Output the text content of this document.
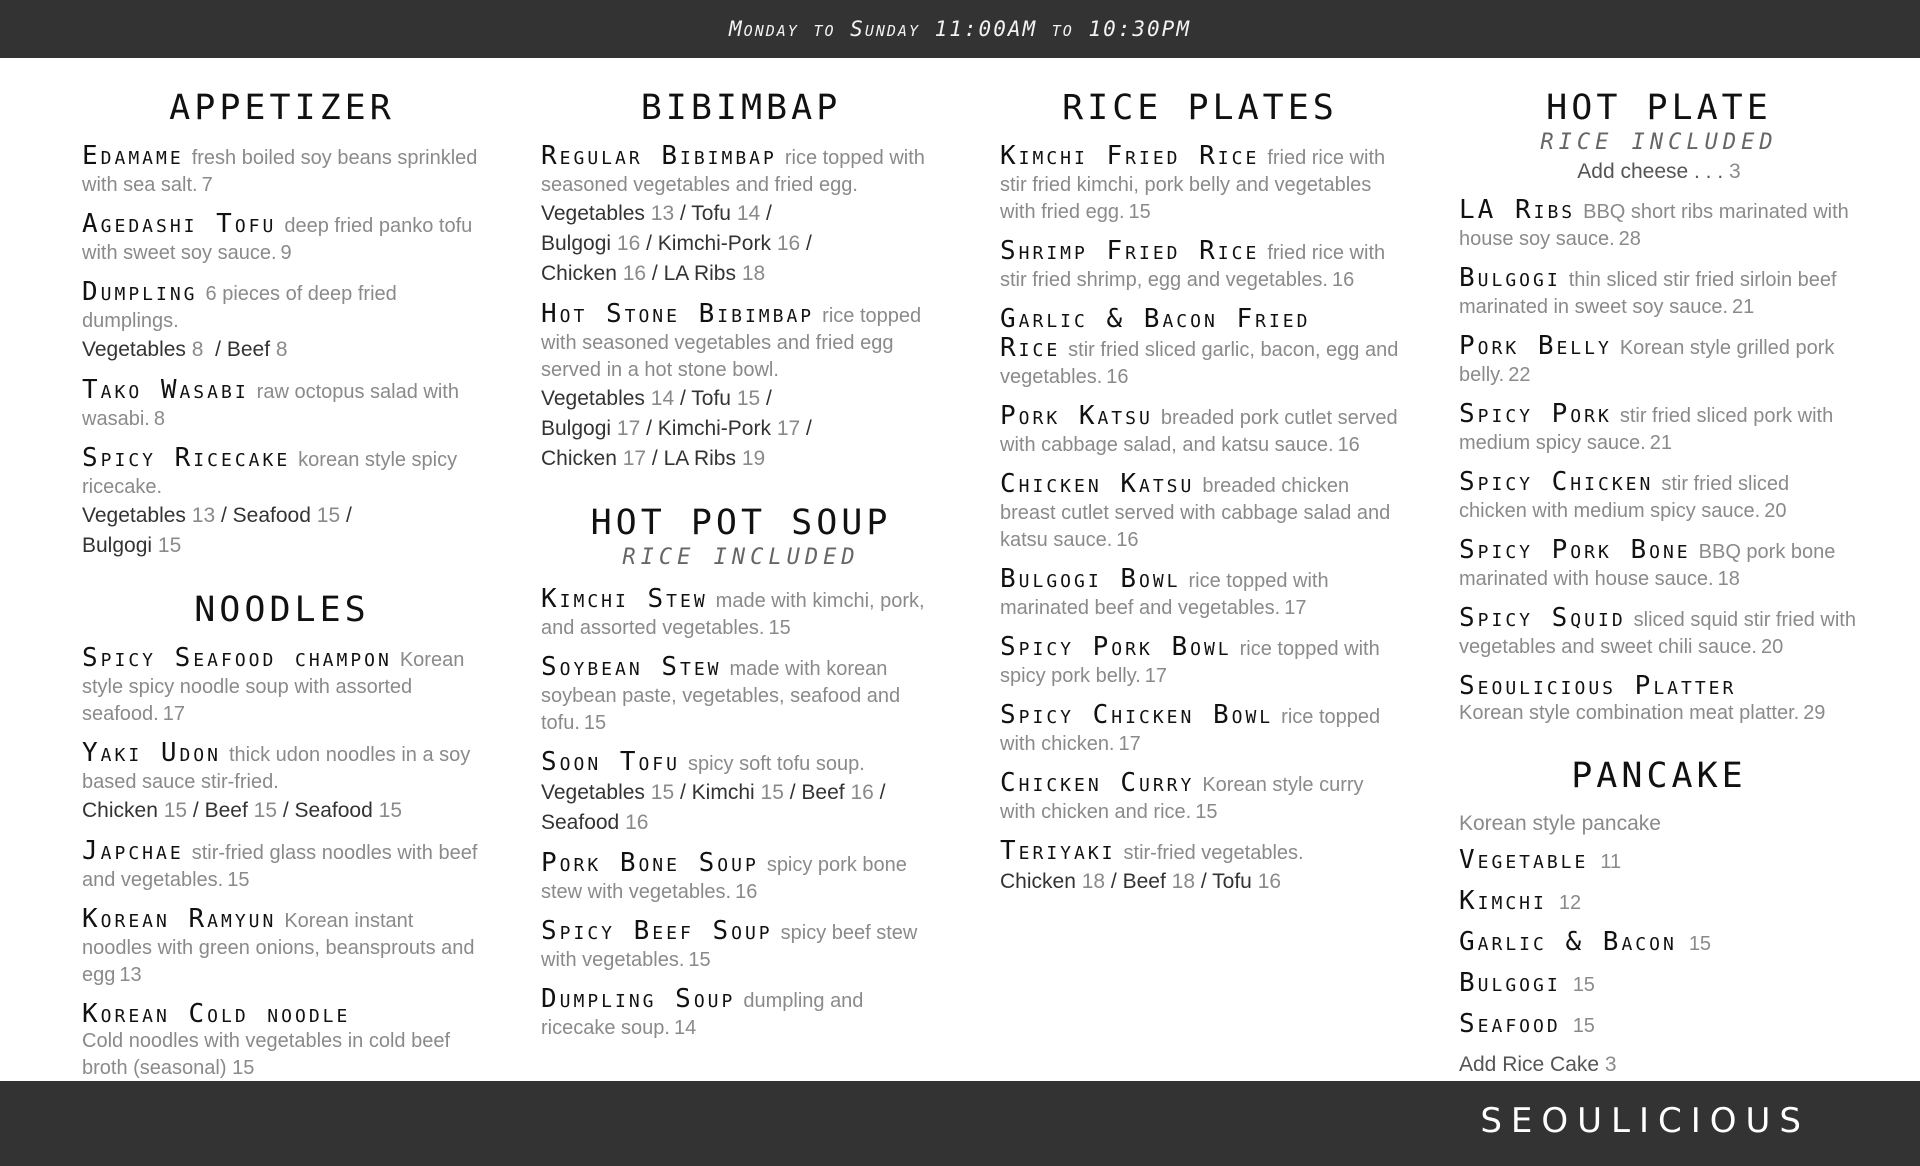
Monday to Sunday 11:00AM to 10:30PM
APPETIZER
Edamame fresh boiled soy beans sprinkled with sea salt. 7
Agedashi Tofu deep fried panko tofu with sweet soy sauce. 9
Dumpling 6 pieces of deep fried dumplings.
Vegetables 8 / Beef 8
Tako Wasabi raw octopus salad with wasabi. 8
Spicy Ricecake korean style spicy ricecake.
Vegetables 13 / Seafood 15 /
Bulgogi 15
NOODLES
Spicy Seafood champon Korean style spicy noodle soup with assorted seafood. 17
Yaki Udon thick udon noodles in a soy based sauce stir-fried.
Chicken 15 / Beef 15 / Seafood 15
Japchae stir-fried glass noodles with beef and vegetables. 15
Korean Ramyun Korean instant noodles with green onions, beansprouts and egg 13
Korean Cold noodle
Cold noodles with vegetables in cold beef broth (seasonal) 15
BIBIMBAP
Regular Bibimbap rice topped with seasoned vegetables and fried egg.
Vegetables 13 / Tofu 14 /
Bulgogi 16 / Kimchi-Pork 16 /
Chicken 16 / LA Ribs 18
Hot Stone Bibimbap rice topped with seasoned vegetables and fried egg served in a hot stone bowl.
Vegetables 14 / Tofu 15 /
Bulgogi 17 / Kimchi-Pork 17 /
Chicken 17 / LA Ribs 19
HOT POT SOUP
RICE INCLUDED
Kimchi Stew made with kimchi, pork, and assorted vegetables. 15
Soybean Stew made with korean soybean paste, vegetables, seafood and tofu. 15
Soon Tofu spicy soft tofu soup.
Vegetables 15 / Kimchi 15 / Beef 16 /
Seafood 16
Pork Bone Soup spicy pork bone stew with vegetables. 16
Spicy Beef Soup spicy beef stew with vegetables. 15
Dumpling Soup dumpling and ricecake soup. 14
RICE PLATES
Kimchi Fried Rice fried rice with stir fried kimchi, pork belly and vegetables with fried egg. 15
Shrimp Fried Rice fried rice with stir fried shrimp, egg and vegetables. 16
Garlic & Bacon Fried Rice stir fried sliced garlic, bacon, egg and vegetables. 16
Pork Katsu breaded pork cutlet served with cabbage salad, and katsu sauce. 16
Chicken Katsu breaded chicken breast cutlet served with cabbage salad and katsu sauce. 16
Bulgogi Bowl rice topped with marinated beef and vegetables. 17
Spicy Pork Bowl rice topped with spicy pork belly. 17
Spicy Chicken Bowl rice topped with chicken. 17
Chicken Curry Korean style curry with chicken and rice. 15
Teriyaki stir-fried vegetables.
Chicken 18 / Beef 18 / Tofu 16
HOT PLATE
RICE INCLUDED
Add cheese . . . 3
LA Ribs BBQ short ribs marinated with house soy sauce. 28
Bulgogi thin sliced stir fried sirloin beef marinated in sweet soy sauce. 21
Pork Belly Korean style grilled pork belly. 22
Spicy Pork stir fried sliced pork with medium spicy sauce. 21
Spicy Chicken stir fried sliced chicken with medium spicy sauce. 20
Spicy Pork Bone BBQ pork bone marinated with house sauce. 18
Spicy Squid sliced squid stir fried with vegetables and sweet chili sauce. 20
Seoulicious Platter
Korean style combination meat platter. 29
PANCAKE
Korean style pancake
Vegetable 11
Kimchi 12
Garlic & Bacon 15
Bulgogi 15
Seafood 15
Add Rice Cake 3
SEOULICIOUS
